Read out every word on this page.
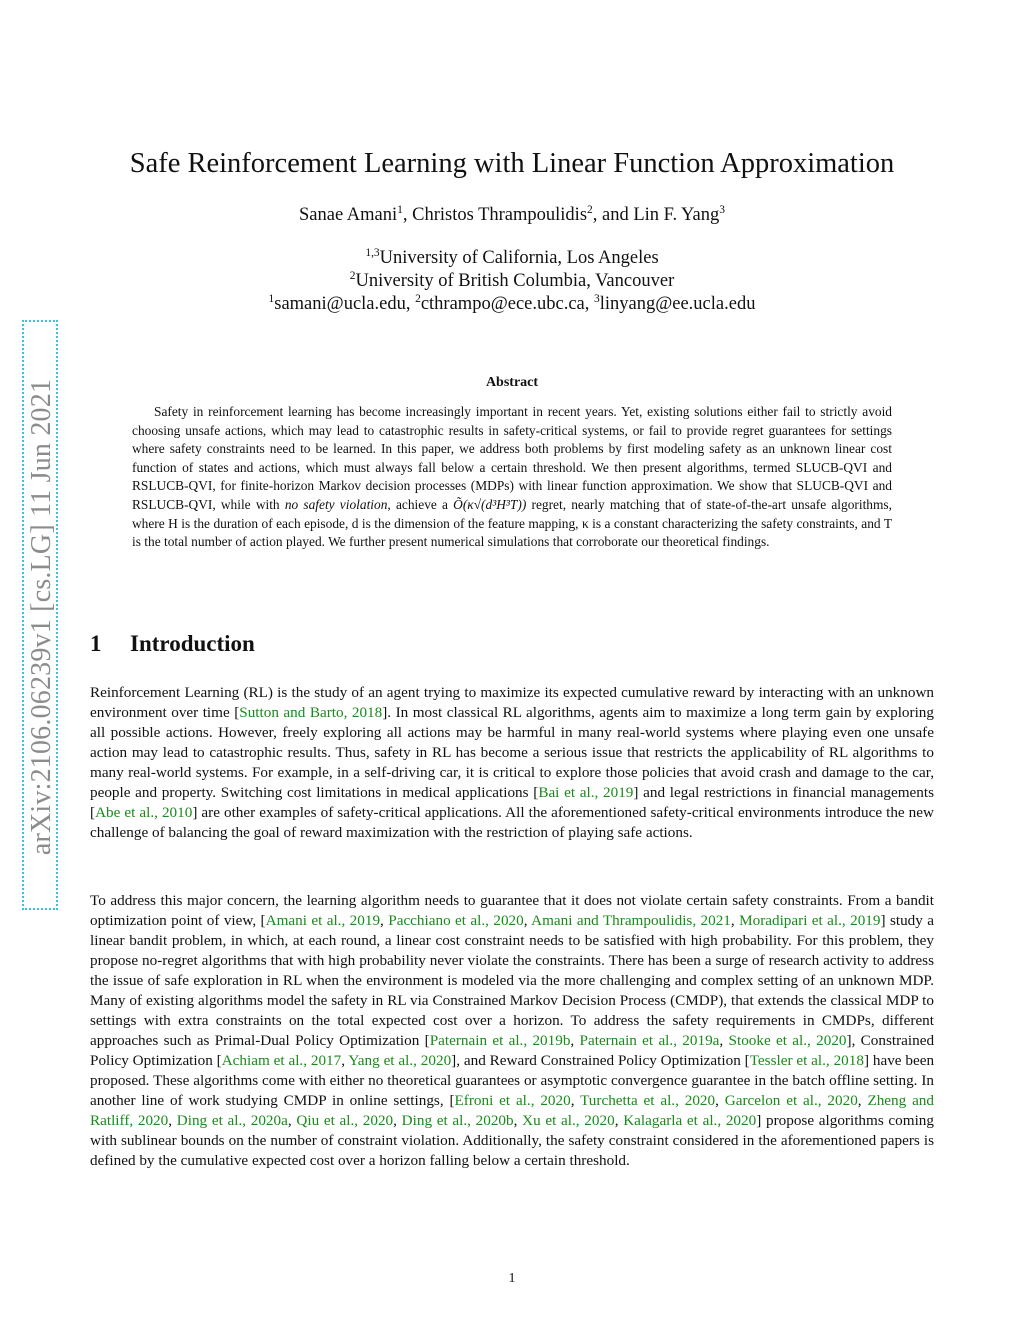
arXiv:2106.06239v1 [cs.LG] 11 Jun 2021
Safe Reinforcement Learning with Linear Function Approximation
Sanae Amani$^1$, Christos Thrampoulidis$^2$, and Lin F. Yang$^3$
$^{1,3}$University of California, Los Angeles
$^2$University of British Columbia, Vancouver
$^1$samani@ucla.edu, $^2$cthrampo@ece.ubc.ca, $^3$linyang@ee.ucla.edu
Abstract

Safety in reinforcement learning has become increasingly important in recent years. Yet, existing solutions either fail to strictly avoid choosing unsafe actions, which may lead to catastrophic results in safety-critical systems, or fail to provide regret guarantees for settings where safety constraints need to be learned. In this paper, we address both problems by first modeling safety as an unknown linear cost function of states and actions, which must always fall below a certain threshold. We then present algorithms, termed SLUCB-QVI and RSLUCB-QVI, for finite-horizon Markov decision processes (MDPs) with linear function approximation. We show that SLUCB-QVI and RSLUCB-QVI, while with no safety violation, achieve a Õ(κ√(d³H³T)) regret, nearly matching that of state-of-the-art unsafe algorithms, where H is the duration of each episode, d is the dimension of the feature mapping, κ is a constant characterizing the safety constraints, and T is the total number of action played. We further present numerical simulations that corroborate our theoretical findings.

1 Introduction

Reinforcement Learning (RL) is the study of an agent trying to maximize its expected cumulative reward by interacting with an unknown environment over time [Sutton and Barto, 2018]. In most classical RL algorithms, agents aim to maximize a long term gain by exploring all possible actions. However, freely exploring all actions may be harmful in many real-world systems where playing even one unsafe action may lead to catastrophic results. Thus, safety in RL has become a serious issue that restricts the applicability of RL algorithms to many real-world systems. For example, in a self-driving car, it is critical to explore those policies that avoid crash and damage to the car, people and property. Switching cost limitations in medical applications [Bai et al., 2019] and legal restrictions in financial managements [Abe et al., 2010] are other examples of safety-critical applications. All the aforementioned safety-critical environments introduce the new challenge of balancing the goal of reward maximization with the restriction of playing safe actions.

To address this major concern, the learning algorithm needs to guarantee that it does not violate certain safety constraints. From a bandit optimization point of view, [Amani et al., 2019, Pacchiano et al., 2020, Amani and Thrampoulidis, 2021, Moradipari et al., 2019] study a linear bandit problem, in which, at each round, a linear cost constraint needs to be satisfied with high probability. For this problem, they propose no-regret algorithms that with high probability never violate the constraints. There has been a surge of research activity to address the issue of safe exploration in RL when the environment is modeled via the more challenging and complex setting of an unknown MDP. Many of existing algorithms model the safety in RL via Constrained Markov Decision Process (CMDP), that extends the classical MDP to settings with extra constraints on the total expected cost over a horizon. To address the safety requirements in CMDPs, different approaches such as Primal-Dual Policy Optimization [Paternain et al., 2019b, Paternain et al., 2019a, Stooke et al., 2020], Constrained Policy Optimization [Achiam et al., 2017, Yang et al., 2020], and Reward Constrained Policy Optimization [Tessler et al., 2018] have been proposed. These algorithms come with either no theoretical guarantees or asymptotic convergence guarantee in the batch offline setting. In another line of work studying CMDP in online settings, [Efroni et al., 2020, Turchetta et al., 2020, Garcelon et al., 2020, Zheng and Ratliff, 2020, Ding et al., 2020a, Qiu et al., 2020, Ding et al., 2020b, Xu et al., 2020, Kalagarla et al., 2020] propose algorithms coming with sublinear bounds on the number of constraint violation. Additionally, the safety constraint considered in the aforementioned papers is defined by the cumulative expected cost over a horizon falling below a certain threshold.

1
